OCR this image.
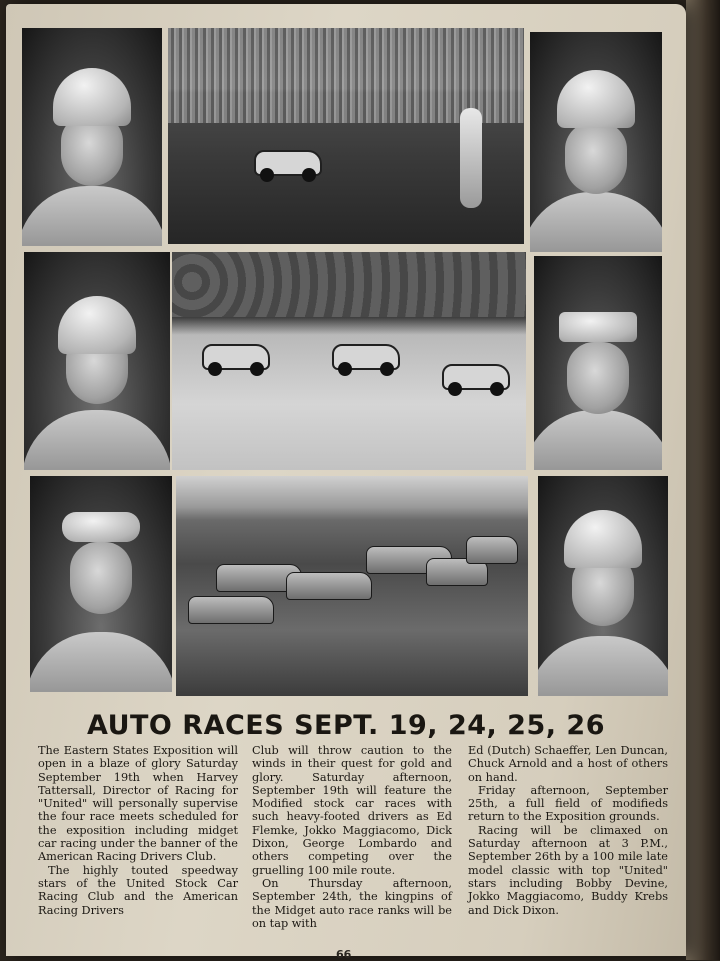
AUTO RACES SEPT. 19, 24, 25, 26

The Eastern States Exposition will open in a blaze of glory Saturday September 19th when Harvey Tattersall, Director of Racing for "United" will personally supervise the four race meets scheduled for the exposition including midget car racing under the banner of the American Racing Drivers Club.

The highly touted speedway stars of the United Stock Car Racing Club and the American Racing Drivers

Club will throw caution to the winds in their quest for gold and glory. Saturday afternoon, September 19th will feature the Modified stock car races with such heavy-footed drivers as Ed Flemke, Jokko Maggiacomo, Dick Dixon, George Lombardo and others competing over the gruelling 100 mile route.

On Thursday afternoon, September 24th, the kingpins of the Midget auto race ranks will be on tap with

Ed (Dutch) Schaeffer, Len Duncan, Chuck Arnold and a host of others on hand.

Friday afternoon, September 25th, a full field of modifieds return to the Exposition grounds.

Racing will be climaxed on Saturday afternoon at 3 P.M., September 26th by a 100 mile late model classic with top "United" stars including Bobby Devine, Jokko Maggiacomo, Buddy Krebs and Dick Dixon.

66
